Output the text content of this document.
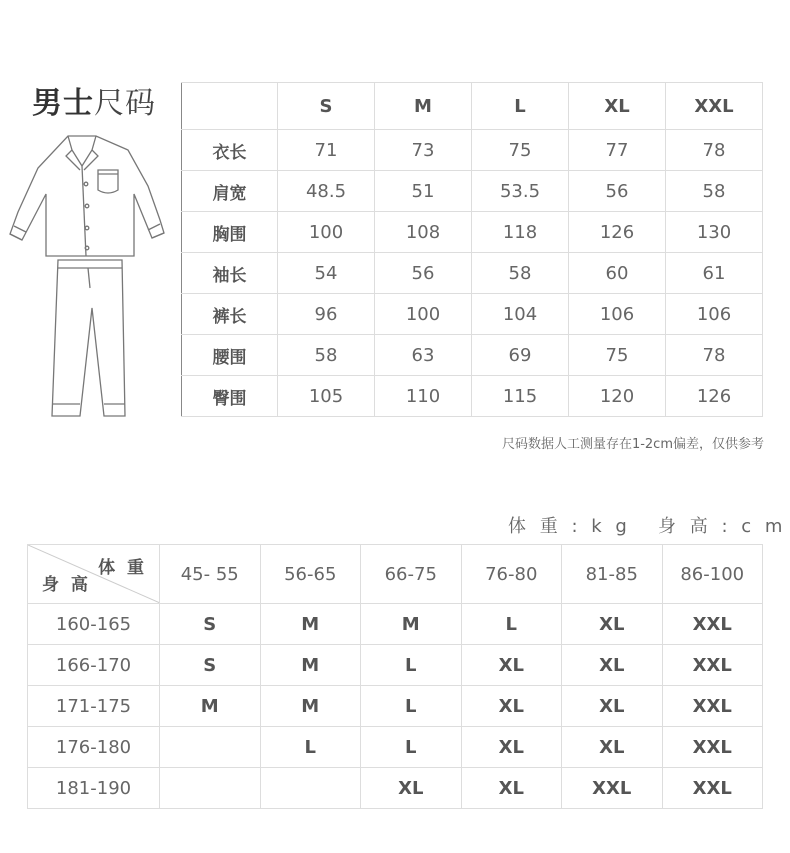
男士尺码
		S	M	L	XL	XXL
衣长	71	73	75	77	78
肩宽	48.5	51	53.5	56	58
胸围	100	108	118	126	130
袖长	54	56	58	60	61
裤长	96	100	104	106	106
腰围	58	63	69	75	78
臀围	105	110	115	120	126
尺码数据人工测量存在1-2cm偏差，仅供参考
体 重 : k g 身 高 : c m
体 重
身 高	45- 55	56-65	66-75	76-80	81-85	86-100
160-165	S	M	M	L	XL	XXL
166-170	S	M	L	XL	XL	XXL
171-175	M	M	L	XL	XL	XXL
176-180		L	L	XL	XL	XXL
181-190			XL	XL	XXL	XXL
